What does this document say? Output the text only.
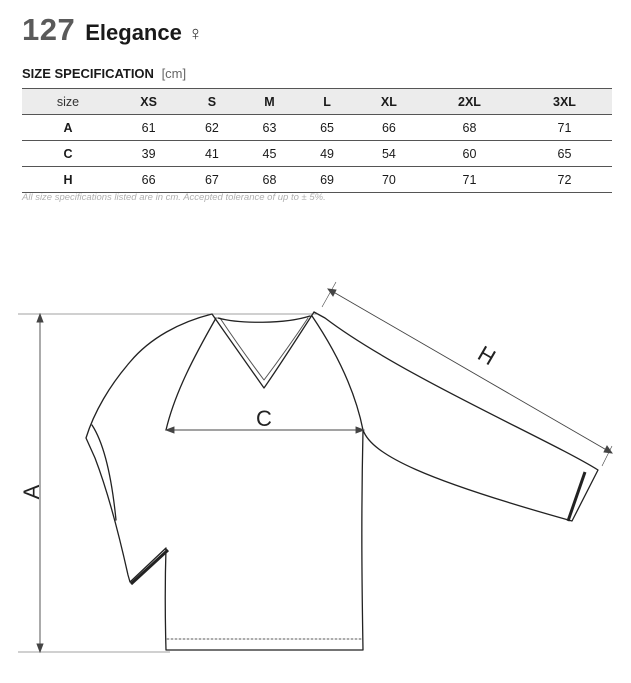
127 Elegance ♀
SIZE SPECIFICATION [cm]
size	XS	S	M	L	XL	2XL	3XL
A	61	62	63	65	66	68	71
C	39	41	45	49	54	60	65
H	66	67	68	69	70	71	72
All size specifications listed are in cm. Accepted tolerance of up to ± 5%.
A
C
H
